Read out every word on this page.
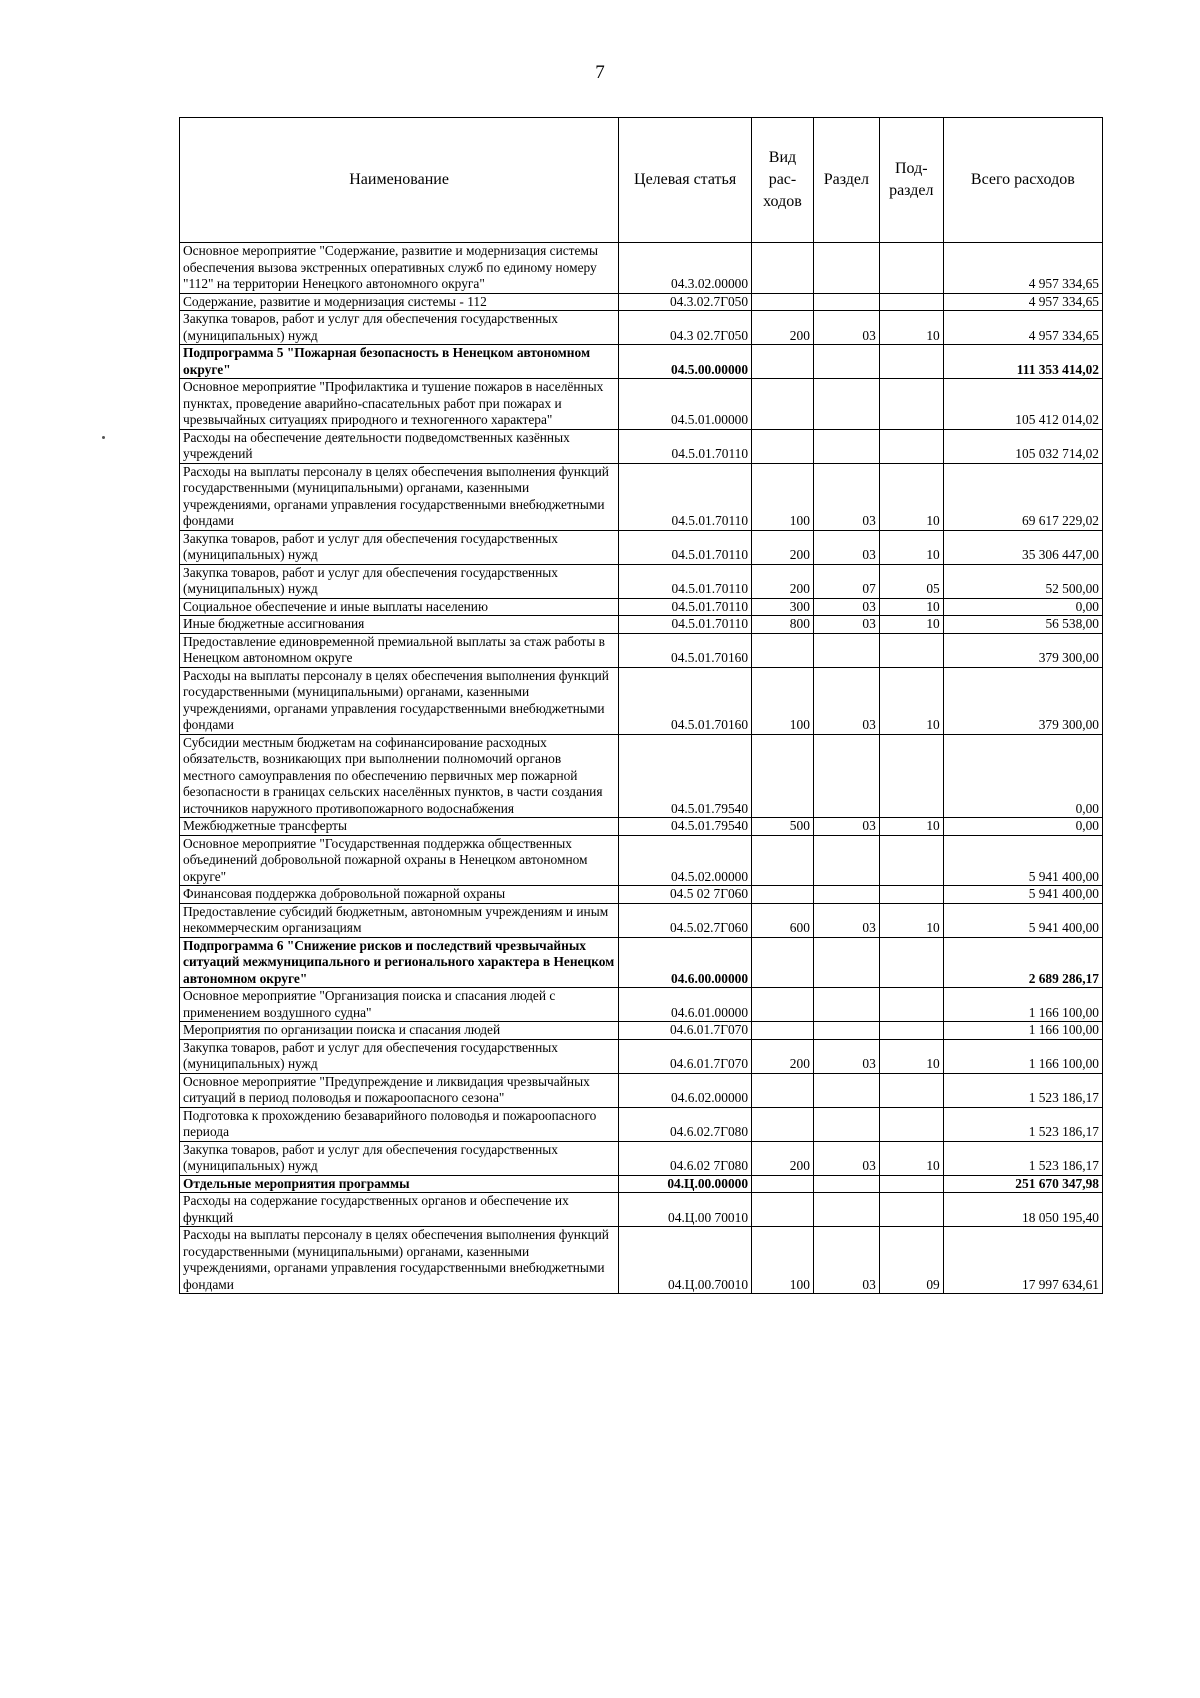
7
Наименование	Целевая статья	Вид рас-ходов	Раздел	Под-раздел	Всего расходов
Основное мероприятие "Содержание, развитие и модернизация системы обеспечения вызова экстренных оперативных служб по единому номеру "112" на территории Ненецкого автономного округа"	04.3.02.00000				4 957 334,65
Содержание, развитие и модернизация системы - 112	04.3.02.7Г050				4 957 334,65
Закупка товаров, работ и услуг для обеспечения государственных (муниципальных) нужд	04.3 02.7Г050	200	03	10	4 957 334,65
Подпрограмма 5 "Пожарная безопасность в Ненецком автономном округе"	04.5.00.00000				111 353 414,02
Основное мероприятие "Профилактика и тушение пожаров в населённых пунктах, проведение аварийно-спасательных работ при пожарах и чрезвычайных ситуациях природного и техногенного характера"	04.5.01.00000				105 412 014,02
Расходы на обеспечение деятельности подведомственных казённых учреждений	04.5.01.70110				105 032 714,02
Расходы на выплаты персоналу в целях обеспечения выполнения функций государственными (муниципальными) органами, казенными учреждениями, органами управления государственными внебюджетными фондами	04.5.01.70110	100	03	10	69 617 229,02
Закупка товаров, работ и услуг для обеспечения государственных (муниципальных) нужд	04.5.01.70110	200	03	10	35 306 447,00
Закупка товаров, работ и услуг для обеспечения государственных (муниципальных) нужд	04.5.01.70110	200	07	05	52 500,00
Социальное обеспечение и иные выплаты населению	04.5.01.70110	300	03	10	0,00
Иные бюджетные ассигнования	04.5.01.70110	800	03	10	56 538,00
Предоставление единовременной премиальной выплаты за стаж работы в Ненецком автономном округе	04.5.01.70160				379 300,00
Расходы на выплаты персоналу в целях обеспечения выполнения функций государственными (муниципальными) органами, казенными учреждениями, органами управления государственными внебюджетными фондами	04.5.01.70160	100	03	10	379 300,00
Субсидии местным бюджетам на софинансирование расходных обязательств, возникающих при выполнении полномочий органов местного самоуправления по обеспечению первичных мер пожарной безопасности в границах сельских населённых пунктов, в части создания источников наружного противопожарного водоснабжения	04.5.01.79540				0,00
Межбюджетные трансферты	04.5.01.79540	500	03	10	0,00
Основное мероприятие "Государственная поддержка общественных объединений добровольной пожарной охраны в Ненецком автономном округе"	04.5.02.00000				5 941 400,00
Финансовая поддержка добровольной пожарной охраны	04.5 02 7Г060				5 941 400,00
Предоставление субсидий бюджетным, автономным учреждениям и иным некоммерческим организациям	04.5.02.7Г060	600	03	10	5 941 400,00
Подпрограмма 6 "Снижение рисков и последствий чрезвычайных ситуаций межмуниципального и регионального характера в Ненецком автономном округе"	04.6.00.00000				2 689 286,17
Основное мероприятие "Организация поиска и спасания людей с применением воздушного судна"	04.6.01.00000				1 166 100,00
Мероприятия по организации поиска и спасания людей	04.6.01.7Г070				1 166 100,00
Закупка товаров, работ и услуг для обеспечения государственных (муниципальных) нужд	04.6.01.7Г070	200	03	10	1 166 100,00
Основное мероприятие "Предупреждение и ликвидация чрезвычайных ситуаций в период половодья и пожароопасного сезона"	04.6.02.00000				1 523 186,17
Подготовка к прохождению безаварийного половодья и пожароопасного периода	04.6.02.7Г080				1 523 186,17
Закупка товаров, работ и услуг для обеспечения государственных (муниципальных) нужд	04.6.02 7Г080	200	03	10	1 523 186,17
Отдельные мероприятия программы	04.Ц.00.00000				251 670 347,98
Расходы на содержание государственных органов и обеспечение их функций	04.Ц.00 70010				18 050 195,40
Расходы на выплаты персоналу в целях обеспечения выполнения функций государственными (муниципальными) органами, казенными учреждениями, органами управления государственными внебюджетными фондами	04.Ц.00.70010	100	03	09	17 997 634,61
